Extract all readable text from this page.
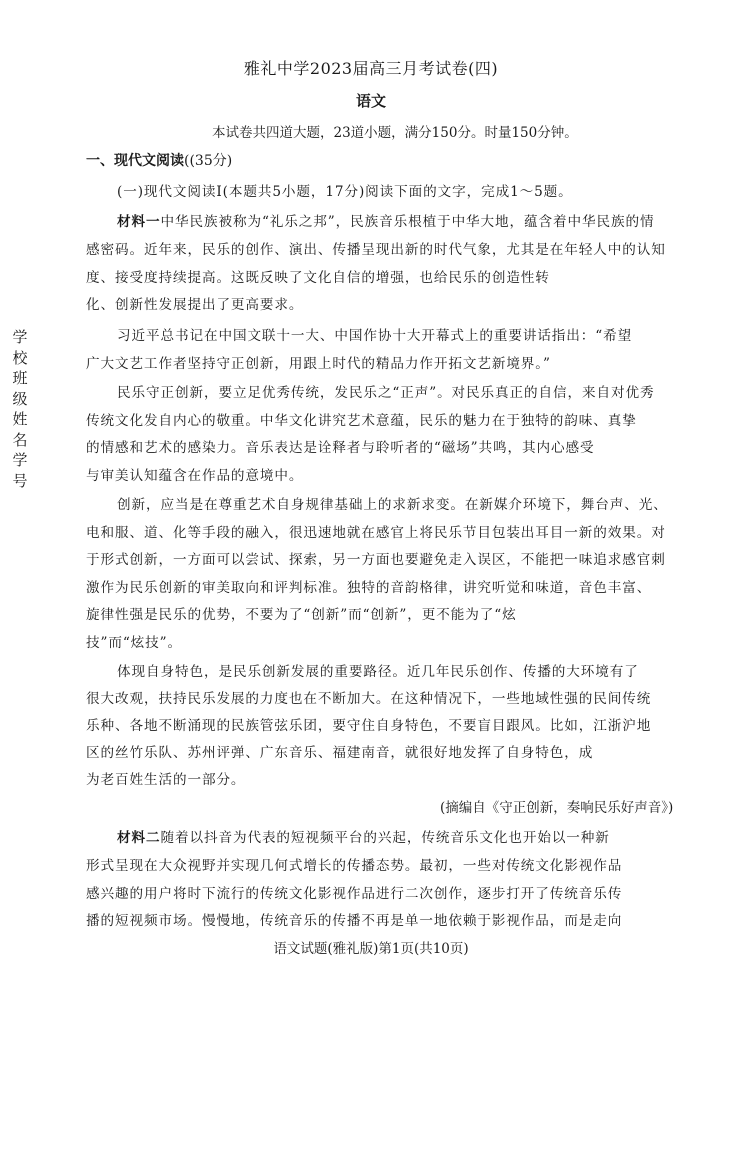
雅礼中学2023届高三月考试卷(四)
语文
本试卷共四道大题，23道小题，满分150分。时量150分钟。
一、现代文阅读((35分)
学
校
班
级
姓
名
学
号
(一)现代文阅读Ⅰ(本题共5小题，17分)阅读下面的文字，完成1～5题。
材料一中华民族被称为“礼乐之邦”，民族音乐根植于中华大地，蕴含着中华民族的情
感密码。近年来，民乐的创作、演出、传播呈现出新的时代气象，尤其是在年轻人中的认知
度、接受度持续提高。这既反映了文化自信的增强，也给民乐的创造性转
化、创新性发展提出了更高要求。
习近平总书记在中国文联十一大、中国作协十大开幕式上的重要讲话指出：“希望
广大文艺工作者坚持守正创新，用跟上时代的精品力作开拓文艺新境界。”
民乐守正创新，要立足优秀传统，发民乐之“正声”。对民乐真正的自信，来自对优秀
传统文化发自内心的敬重。中华文化讲究艺术意蕴，民乐的魅力在于独特的韵味、真挚
的情感和艺术的感染力。音乐表达是诠释者与聆听者的“磁场”共鸣，其内心感受
与审美认知蕴含在作品的意境中。
创新，应当是在尊重艺术自身规律基础上的求新求变。在新媒介环境下，舞台声、光、
电和服、道、化等手段的融入，很迅速地就在感官上将民乐节目包装出耳目一新的效果。对
于形式创新，一方面可以尝试、探索，另一方面也要避免走入误区，不能把一味追求感官刺
激作为民乐创新的审美取向和评判标准。独特的音韵格律，讲究听觉和味道，音色丰富、
旋律性强是民乐的优势，不要为了“创新”而“创新”，更不能为了“炫
技”而“炫技”。
体现自身特色，是民乐创新发展的重要路径。近几年民乐创作、传播的大环境有了
很大改观，扶持民乐发展的力度也在不断加大。在这种情况下，一些地域性强的民间传统
乐种、各地不断涌现的民族管弦乐团，要守住自身特色，不要盲目跟风。比如，江浙沪地
区的丝竹乐队、苏州评弹、广东音乐、福建南音，就很好地发挥了自身特色，成
为老百姓生活的一部分。
(摘编自《守正创新，奏响民乐好声音》)
材料二随着以抖音为代表的短视频平台的兴起，传统音乐文化也开始以一种新
形式呈现在大众视野并实现几何式增长的传播态势。最初，一些对传统文化影视作品
感兴趣的用户将时下流行的传统文化影视作品进行二次创作，逐步打开了传统音乐传
播的短视频市场。慢慢地，传统音乐的传播不再是单一地依赖于影视作品，而是走向
语文试题(雅礼版)第1页(共10页)
